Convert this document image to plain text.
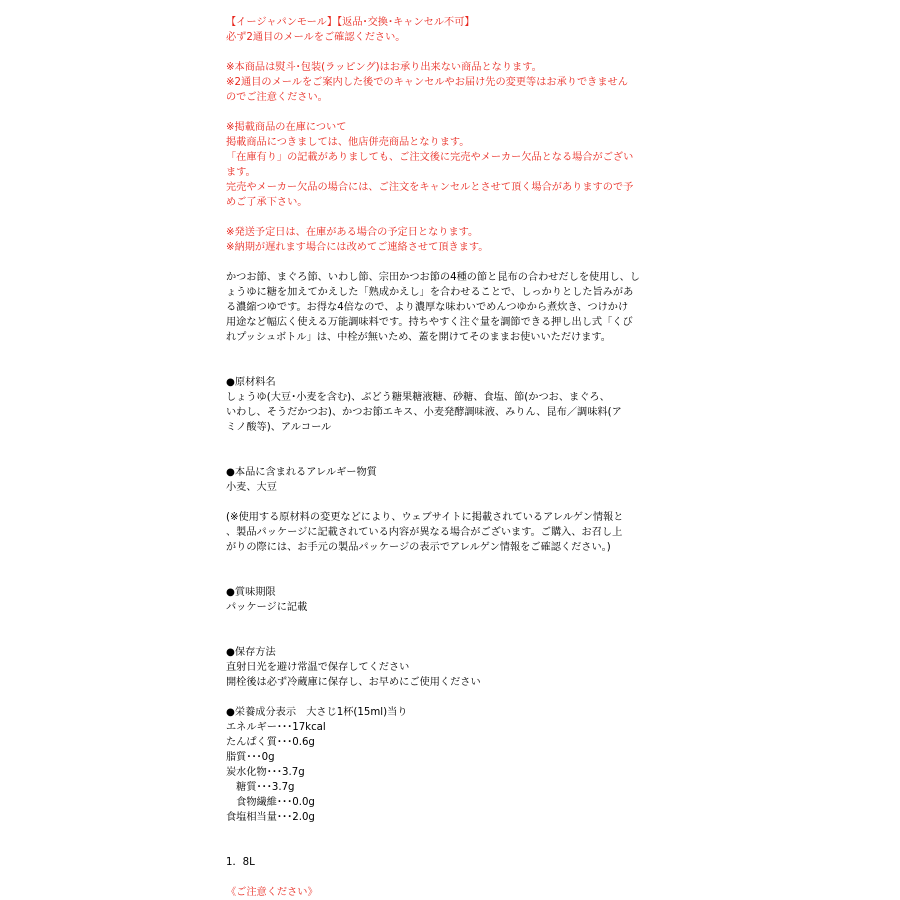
【イージャパンモール】【返品･交換･キャンセル不可】
必ず2通目のメールをご確認ください。
※本商品は熨斗･包装(ラッピング)はお承り出来ない商品となります。
※2通目のメールをご案内した後でのキャンセルやお届け先の変更等はお承りできません
のでご注意ください。
※掲載商品の在庫について
掲載商品につきましては、他店併売商品となります。
「在庫有り」の記載がありましても、ご注文後に完売やメーカー欠品となる場合がござい
ます。
完売やメーカー欠品の場合には、ご注文をキャンセルとさせて頂く場合がありますので予
めご了承下さい。
※発送予定日は、在庫がある場合の予定日となります。
※納期が遅れます場合には改めてご連絡させて頂きます。
かつお節、まぐろ節、いわし節、宗田かつお節の4種の節と昆布の合わせだしを使用し、し
ょうゆに糖を加えてかえした「熟成かえし」を合わせることで、しっかりとした旨みがあ
る濃縮つゆです。お得な4倍なので、より濃厚な味わいでめんつゆから煮炊き、つけかけ
用途など幅広く使える万能調味料です。持ちやすく注ぐ量を調節できる押し出し式「くび
れプッシュボトル」は、中栓が無いため、蓋を開けてそのままお使いいただけます。
●原材料名
しょうゆ(大豆･小麦を含む)、ぶどう糖果糖液糖、砂糖、食塩、節(かつお、まぐろ、
いわし、そうだかつお)、かつお節エキス、小麦発酵調味液、みりん、昆布／調味料(ア
ミノ酸等)、アルコール
●本品に含まれるアレルギー物質
小麦、大豆
(※使用する原材料の変更などにより、ウェブサイトに掲載されているアレルゲン情報と
、製品パッケージに記載されている内容が異なる場合がございます。ご購入、お召し上
がりの際には、お手元の製品パッケージの表示でアレルゲン情報をご確認ください。)
●賞味期限
パッケージに記載
●保存方法
直射日光を避け常温で保存してください
開栓後は必ず冷蔵庫に保存し、お早めにご使用ください
●栄養成分表示　大さじ1杯(15ml)当り
エネルギー･･･17kcal
たんぱく質･･･0.6g
脂質･･･0g
炭水化物･･･3.7g
　糖質･･･3.7g
　食物繊維･･･0.0g
食塩相当量･･･2.0g
1．8L
《ご注意ください》
